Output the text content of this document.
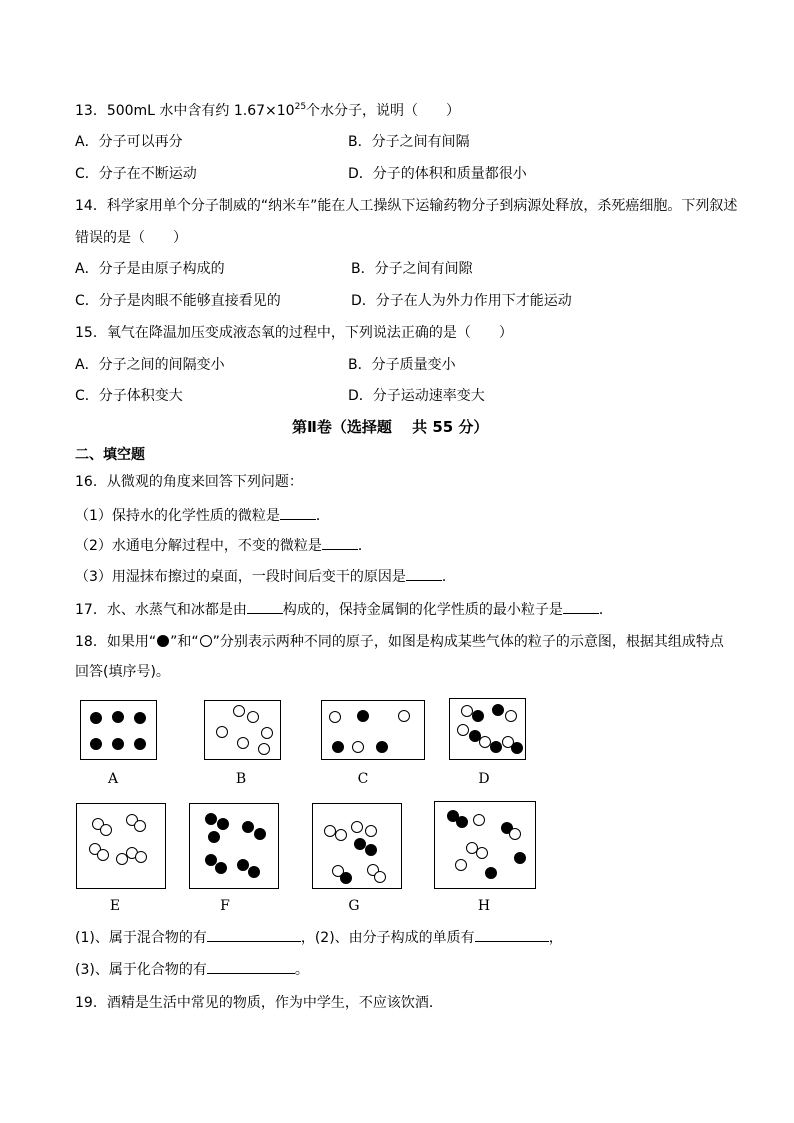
13．500mL 水中含有约 $1.67\times 10^{25}$个水分子，说明（　　）
A．分子可以再分	B．分子之间有间隔
C．分子在不断运动	D．分子的体积和质量都很小
14．科学家用单个分子制威的“纳米车”能在人工操纵下运输药物分子到病源处释放，杀死癌细胞。下列叙述
错误的是（　　）
A．分子是由原子构成的	B．分子之间有间隙
C．分子是肉眼不能够直接看见的	D．分子在人为外力作用下才能运动
15．氧气在降温加压变成液态氧的过程中，下列说法正确的是（　　）
A．分子之间的间隔变小	B．分子质量变小
C．分子体积变大	D．分子运动速率变大
第Ⅱ卷（选择题　 共 55 分）
二、填空题
16．从微观的角度来回答下列问题：
（1）保持水的化学性质的微粒是	．
（2）水通电分解过程中，不变的微粒是	．
（3）用湿抹布擦过的桌面，一段时间后变干的原因是	．
17．水、水蒸气和冰都是由	构成的，保持金属铜的化学性质的最小粒子是	．
18．如果用“ ”和“ ”分别表示两种不同的原子，如图是构成某些气体的粒子的示意图，根据其组成特点
回答(填序号)。
A	B	C	D
E	F	G	H
(1)、属于混合物的有	，(2)、由分子构成的单质有	，
(3)、属于化合物的有	。
19．酒精是生活中常见的物质，作为中学生，不应该饮酒．
